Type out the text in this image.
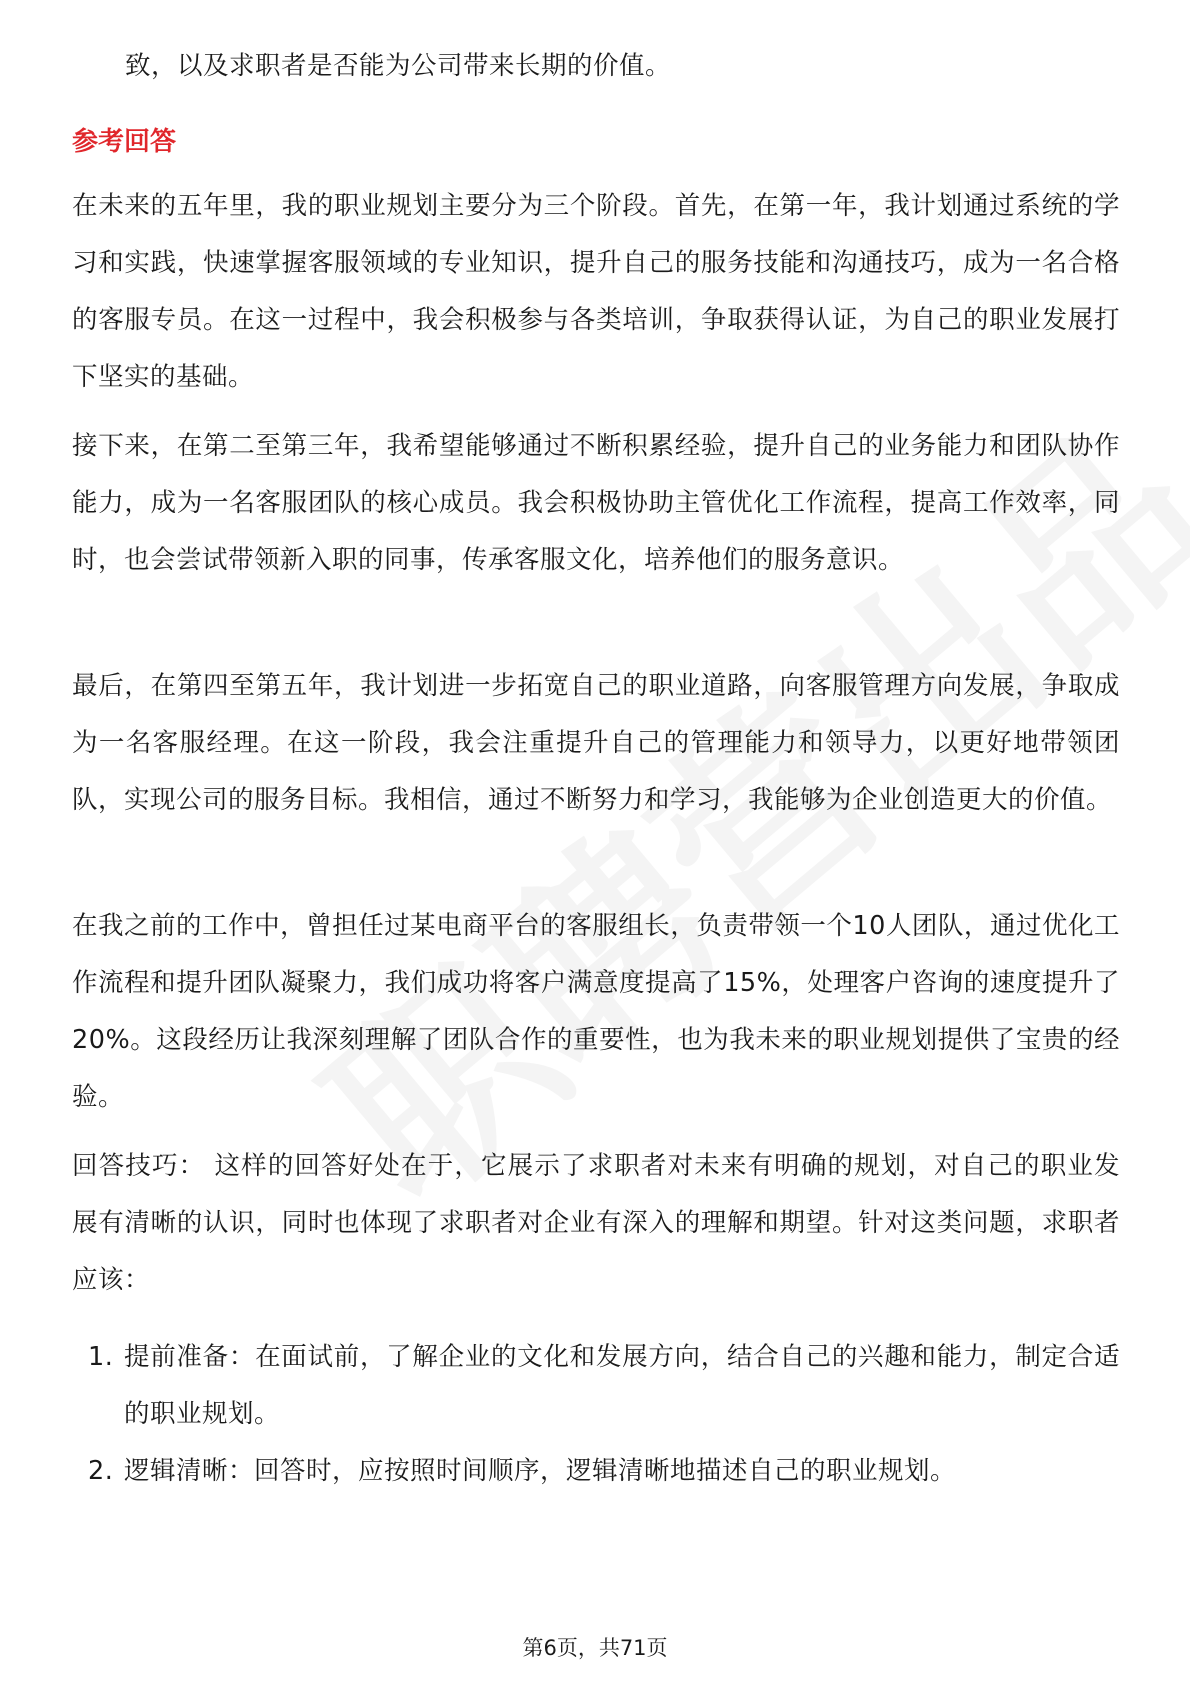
致，以及求职者是否能为公司带来长期的价值。

参考回答

在未来的五年里，我的职业规划主要分为三个阶段。首先，在第一年，我计划通过系统的学习和实践，快速掌握客服领域的专业知识，提升自己的服务技能和沟通技巧，成为一名合格的客服专员。在这一过程中，我会积极参与各类培训，争取获得认证，为自己的职业发展打下坚实的基础。

接下来，在第二至第三年，我希望能够通过不断积累经验，提升自己的业务能力和团队协作能力，成为一名客服团队的核心成员。我会积极协助主管优化工作流程，提高工作效率，同时，也会尝试带领新入职的同事，传承客服文化，培养他们的服务意识。

最后，在第四至第五年，我计划进一步拓宽自己的职业道路，向客服管理方向发展，争取成为一名客服经理。在这一阶段，我会注重提升自己的管理能力和领导力，以更好地带领团队，实现公司的服务目标。我相信，通过不断努力和学习，我能够为企业创造更大的价值。

在我之前的工作中，曾担任过某电商平台的客服组长，负责带领一个10人团队，通过优化工作流程和提升团队凝聚力，我们成功将客户满意度提高了15%，处理客户咨询的速度提升了20%。这段经历让我深刻理解了团队合作的重要性，也为我未来的职业规划提供了宝贵的经验。

回答技巧： 这样的回答好处在于，它展示了求职者对未来有明确的规划，对自己的职业发展有清晰的认识，同时也体现了求职者对企业有深入的理解和期望。针对这类问题，求职者应该：

1. 提前准备：在面试前，了解企业的文化和发展方向，结合自己的兴趣和能力，制定合适的职业规划。
2. 逻辑清晰：回答时，应按照时间顺序，逻辑清晰地描述自己的职业规划。
第6页，共71页
